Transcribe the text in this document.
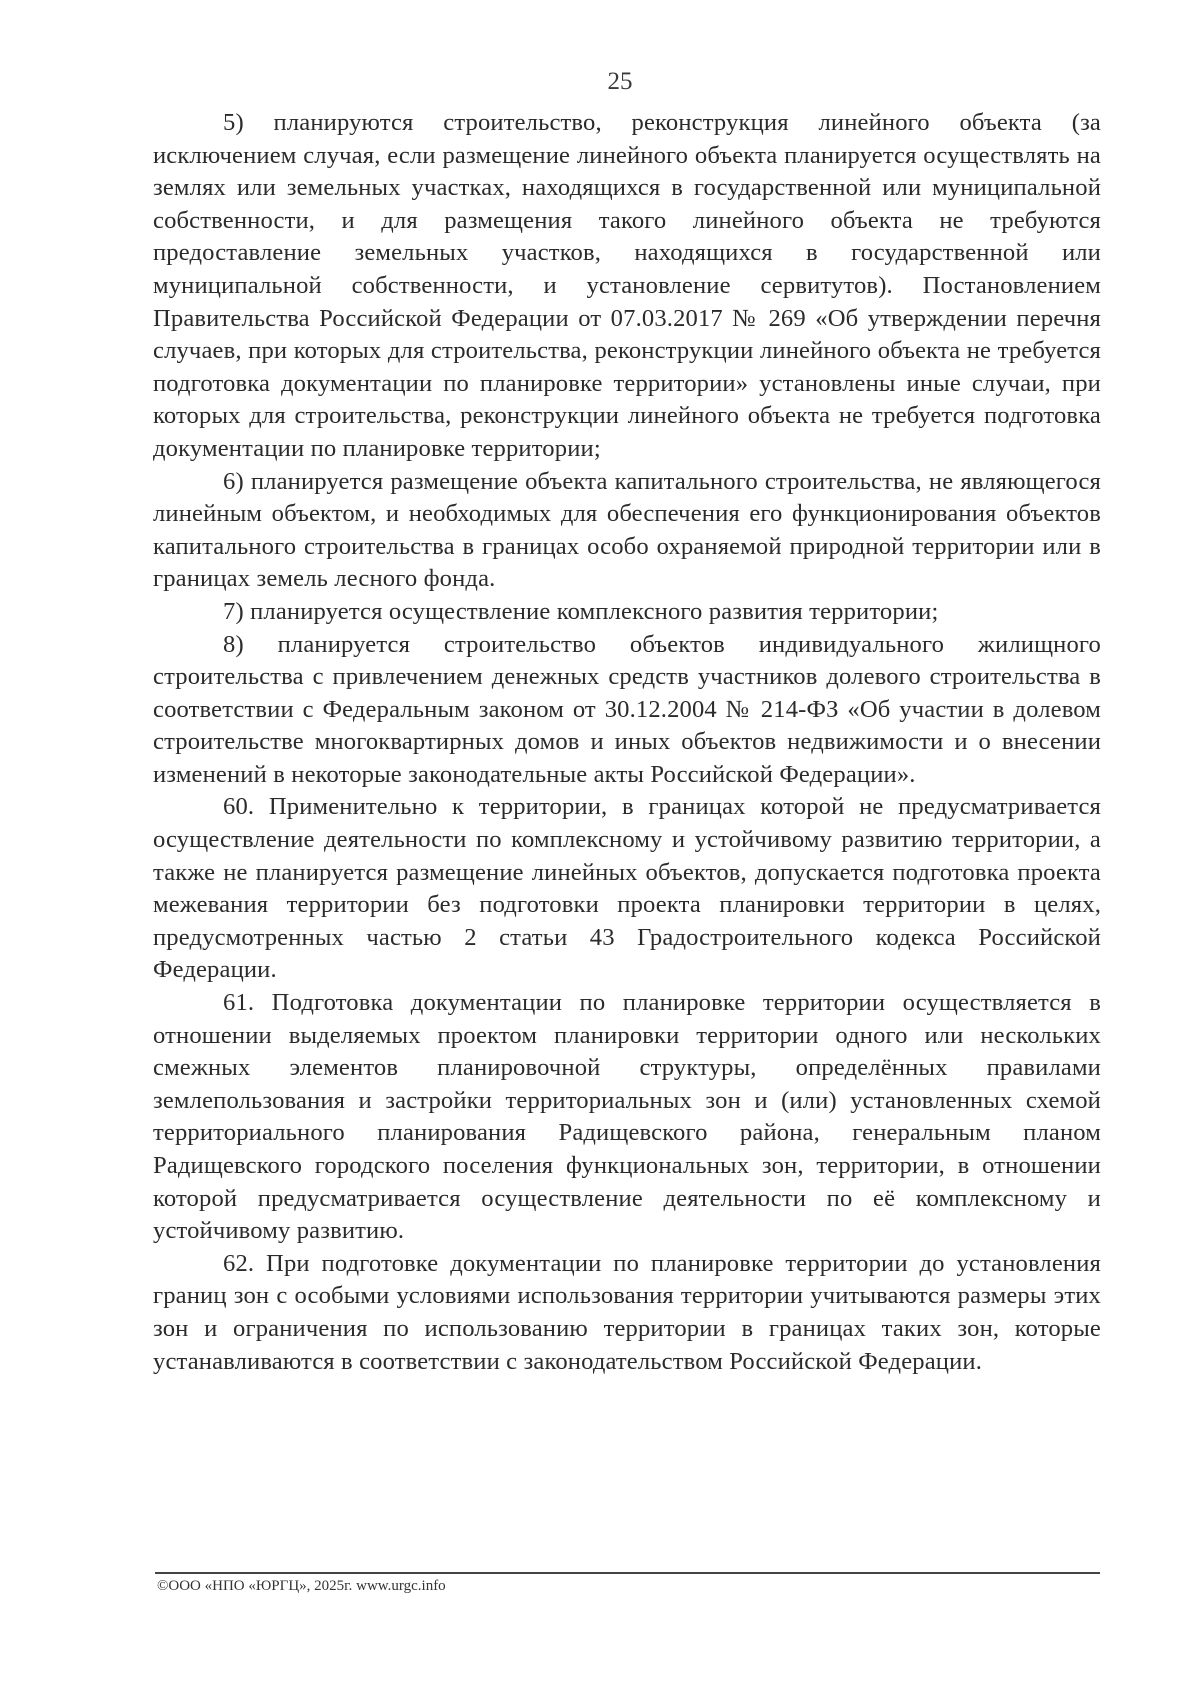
25

5) планируются строительство, реконструкция линейного объекта (за исключением случая, если размещение линейного объекта планируется осуществлять на землях или земельных участках, находящихся в государственной или муниципальной собственности, и для размещения такого линейного объекта не требуются предоставление земельных участков, находящихся в государственной или муниципальной собственности, и установление сервитутов). Постановлением Правительства Российской Федерации от 07.03.2017 № 269 «Об утверждении перечня случаев, при которых для строительства, реконструкции линейного объекта не требуется подготовка документации по планировке территории» установлены иные случаи, при которых для строительства, реконструкции линейного объекта не требуется подготовка документации по планировке территории;

6) планируется размещение объекта капитального строительства, не являющегося линейным объектом, и необходимых для обеспечения его функционирования объектов капитального строительства в границах особо охраняемой природной территории или в границах земель лесного фонда.

7) планируется осуществление комплексного развития территории;

8) планируется строительство объектов индивидуального жилищного строительства с привлечением денежных средств участников долевого строительства в соответствии с Федеральным законом от 30.12.2004 № 214-ФЗ «Об участии в долевом строительстве многоквартирных домов и иных объектов недвижимости и о внесении изменений в некоторые законодательные акты Российской Федерации».

60. Применительно к территории, в границах которой не предусматривается осуществление деятельности по комплексному и устойчивому развитию территории, а также не планируется размещение линейных объектов, допускается подготовка проекта межевания территории без подготовки проекта планировки территории в целях, предусмотренных частью 2 статьи 43 Градостроительного кодекса Российской Федерации.

61. Подготовка документации по планировке территории осуществляется в отношении выделяемых проектом планировки территории одного или нескольких смежных элементов планировочной структуры, определённых правилами землепользования и застройки территориальных зон и (или) установленных схемой территориального планирования Радищевского района, генеральным планом Радищевского городского поселения функциональных зон, территории, в отношении которой предусматривается осуществление деятельности по её комплексному и устойчивому развитию.

62. При подготовке документации по планировке территории до установления границ зон с особыми условиями использования территории учитываются размеры этих зон и ограничения по использованию территории в границах таких зон, которые устанавливаются в соответствии с законодательством Российской Федерации.

©ООО «НПО «ЮРГЦ», 2025г. www.urgc.info
